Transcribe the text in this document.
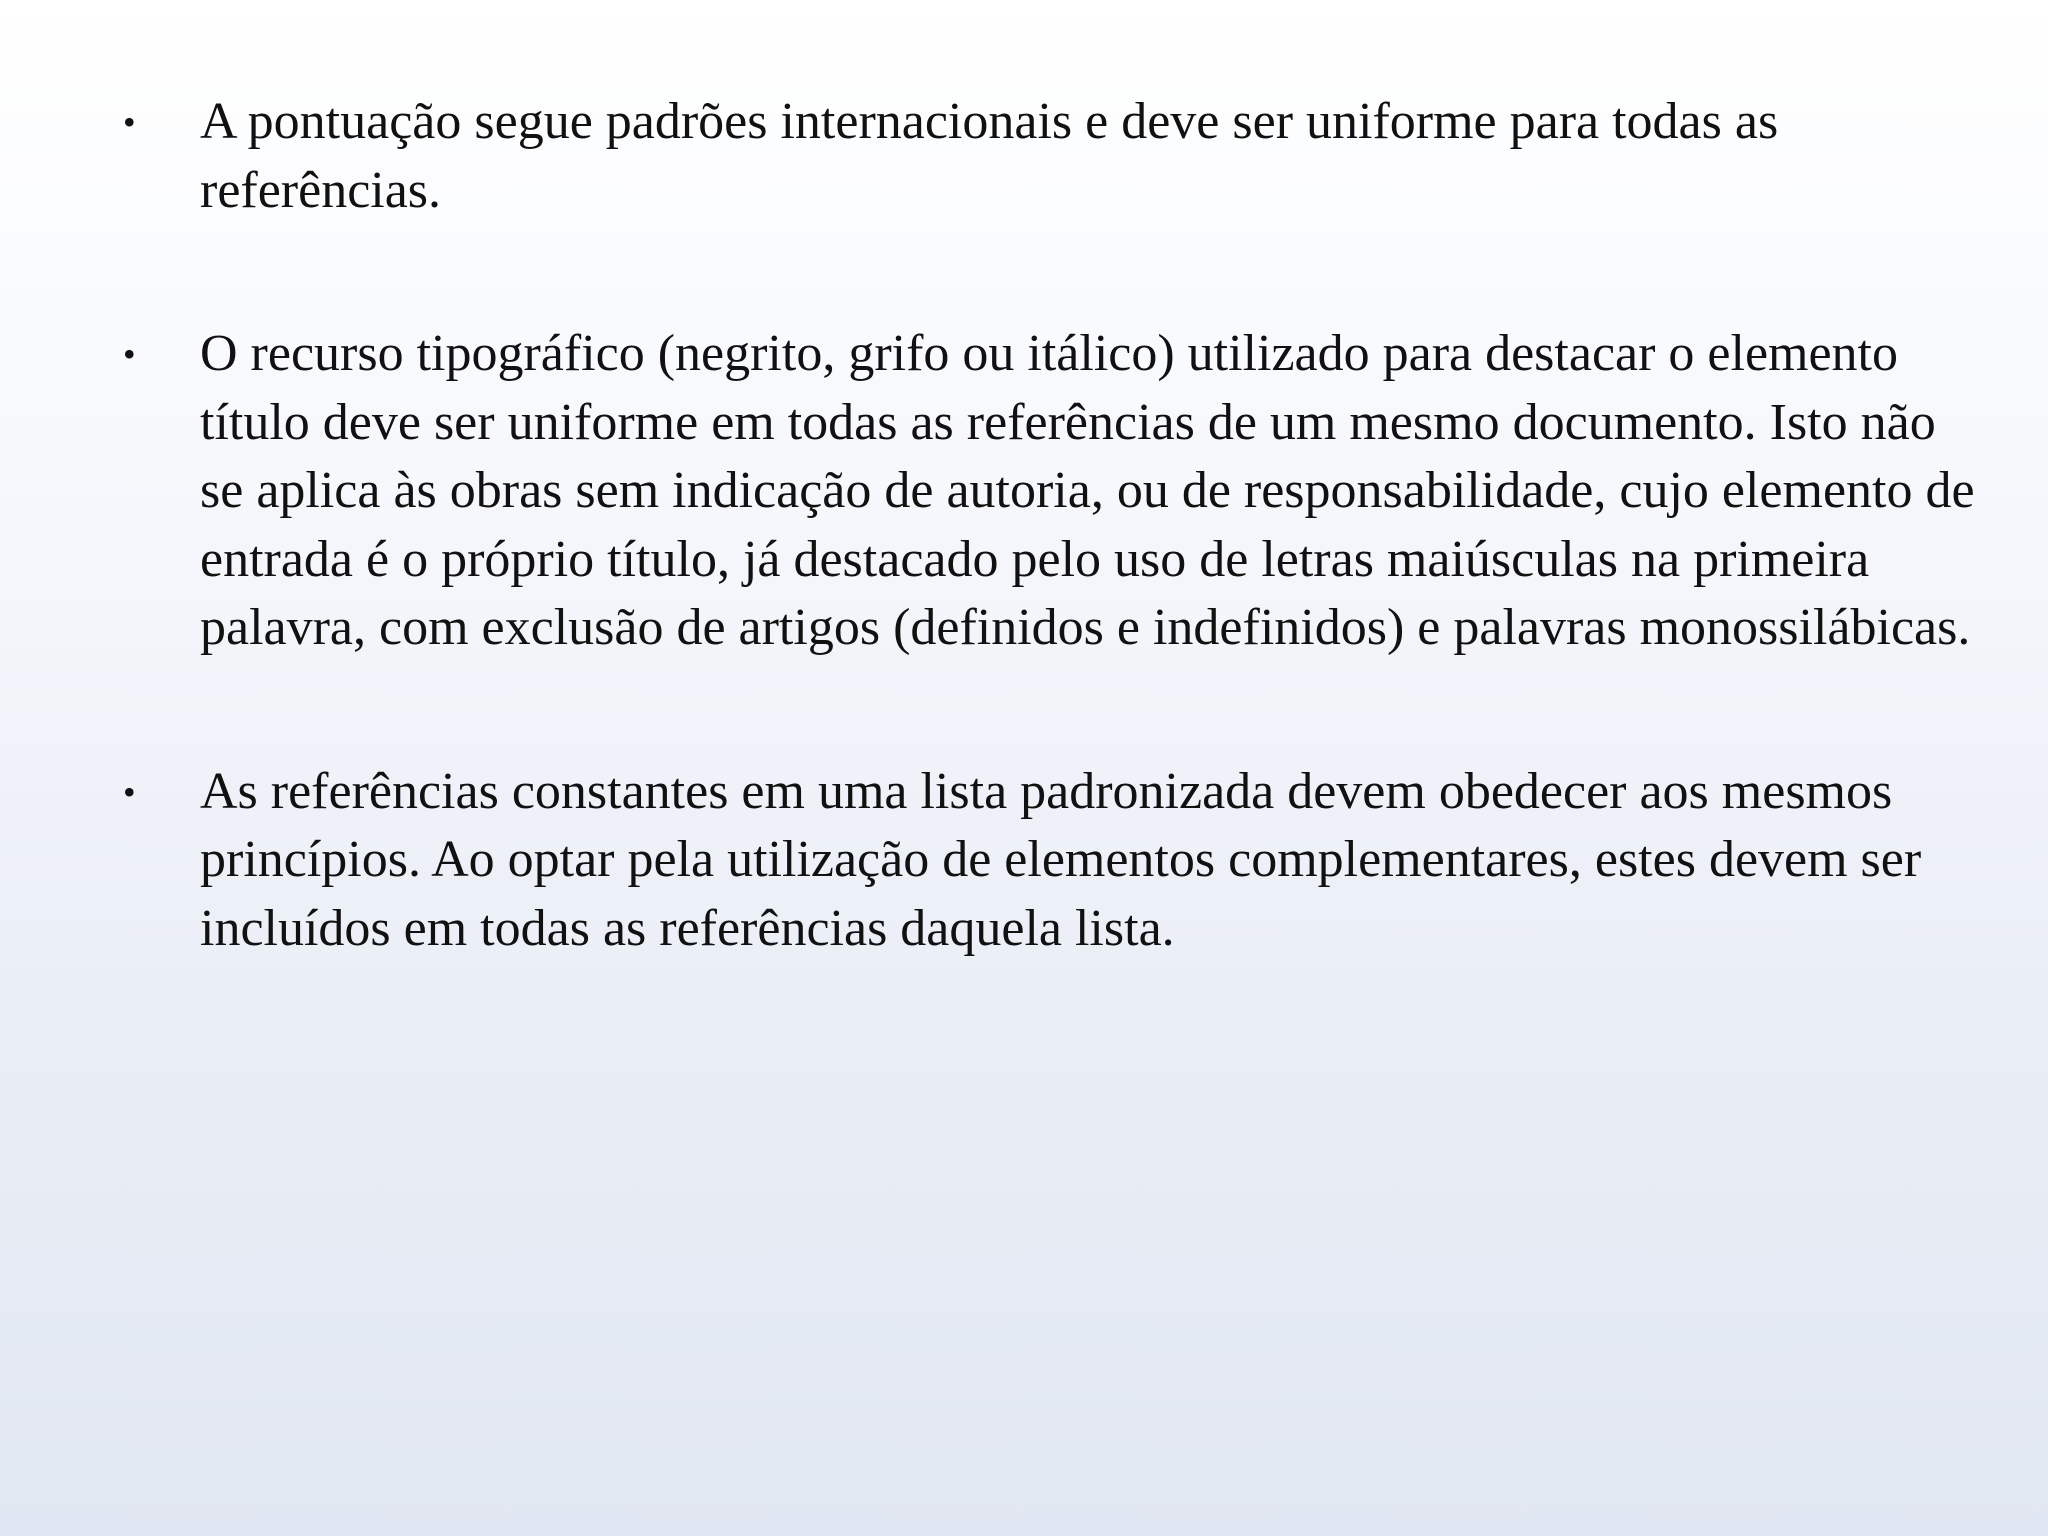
• A pontuação segue padrões internacionais e deve ser uniforme para todas as referências.
• O recurso tipográfico (negrito, grifo ou itálico) utilizado para destacar o elemento título deve ser uniforme em todas as referências de um mesmo documento. Isto não se aplica às obras sem indicação de autoria, ou de responsabilidade, cujo elemento de entrada é o próprio título, já destacado pelo uso de letras maiúsculas na primeira palavra, com exclusão de artigos (definidos e indefinidos) e palavras monossilábicas.
• As referências constantes em uma lista padronizada devem obedecer aos mesmos princípios. Ao optar pela utilização de elementos complementares, estes devem ser incluídos em todas as referências daquela lista.
